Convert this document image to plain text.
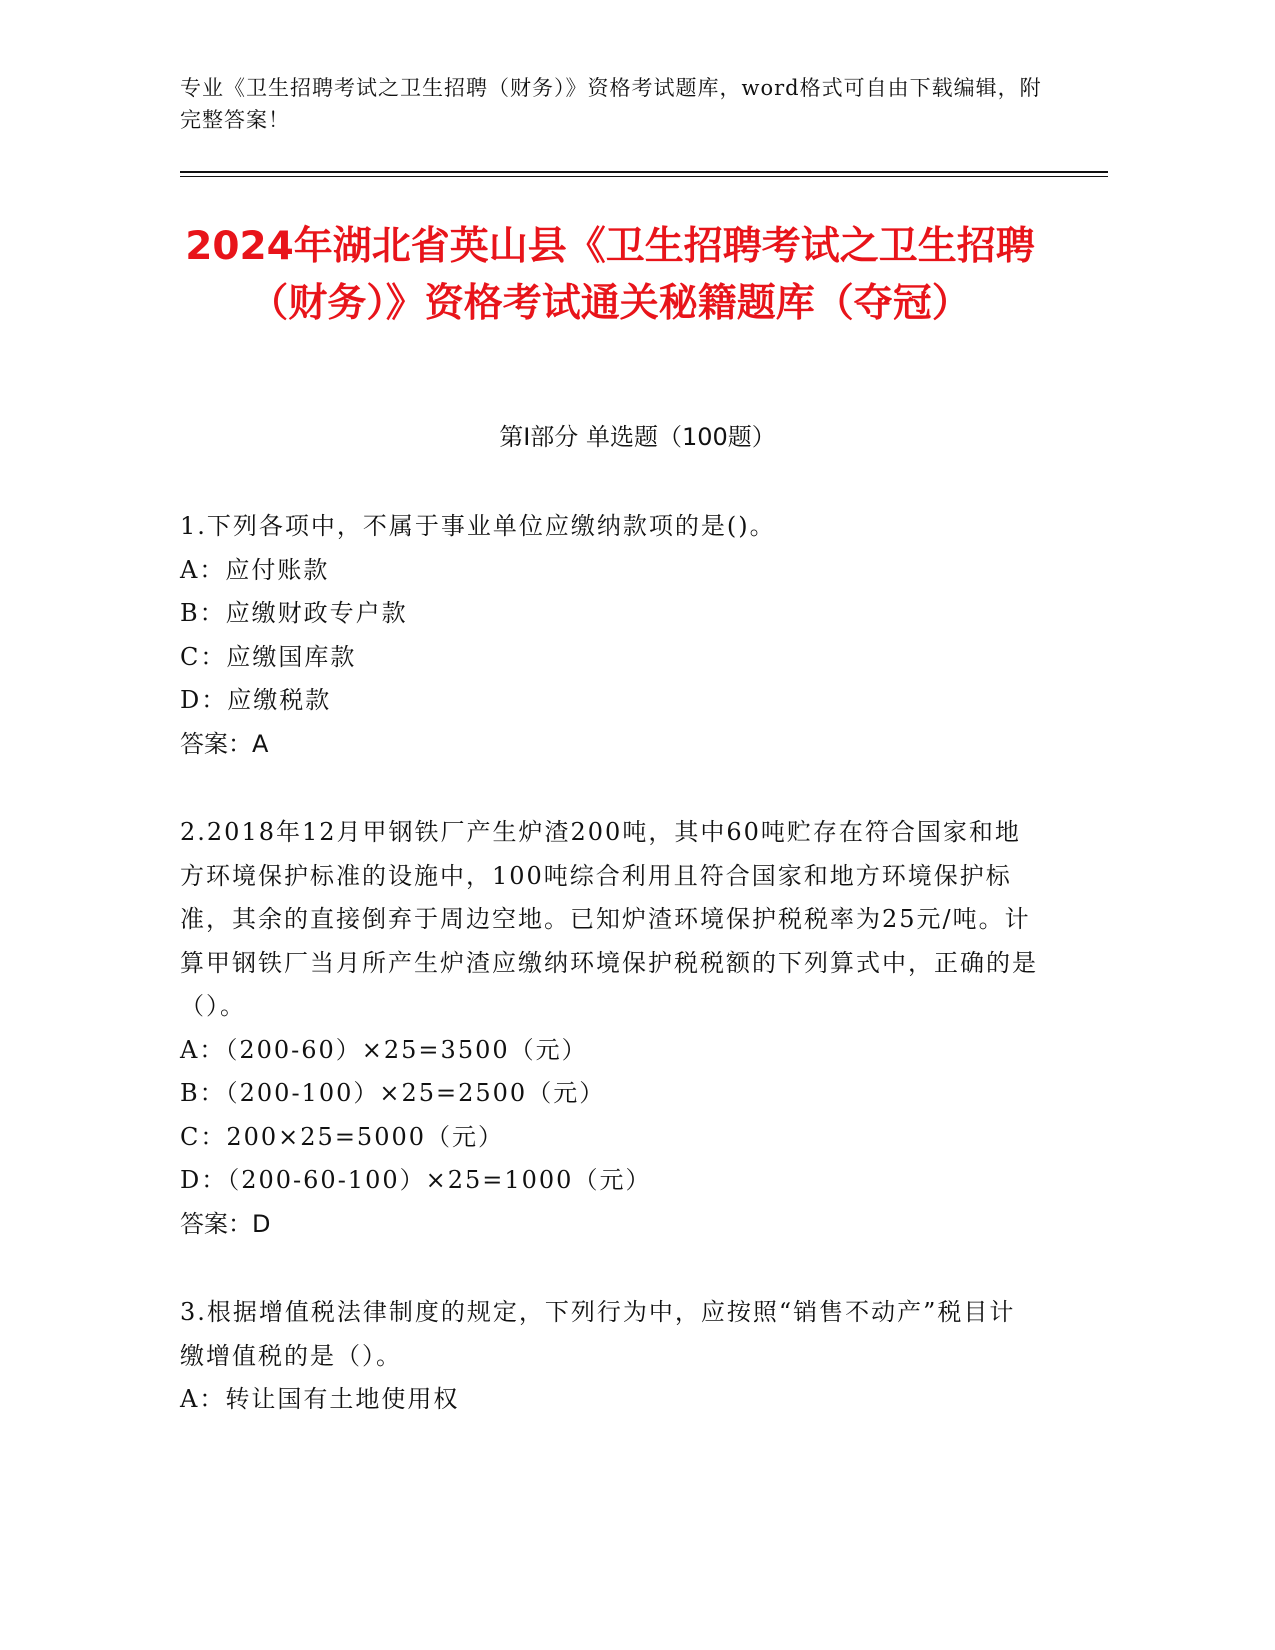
专业《卫生招聘考试之卫生招聘（财务）》资格考试题库，word格式可自由下载编辑，附完整答案！
2024年湖北省英山县《卫生招聘考试之卫生招聘（财务）》资格考试通关秘籍题库（夺冠）
第Ⅰ部分 单选题（100题）
1.下列各项中，不属于事业单位应缴纳款项的是()。
A：应付账款
B：应缴财政专户款
C：应缴国库款
D：应缴税款
答案：A
2.2018年12月甲钢铁厂产生炉渣200吨，其中60吨贮存在符合国家和地方环境保护标准的设施中，100吨综合利用且符合国家和地方环境保护标准，其余的直接倒弃于周边空地。已知炉渣环境保护税税率为25元/吨。计算甲钢铁厂当月所产生炉渣应缴纳环境保护税税额的下列算式中，正确的是（）。
A：（200-60）×25=3500（元）
B：（200-100）×25=2500（元）
C：200×25=5000（元）
D：（200-60-100）×25=1000（元）
答案：D
3.根据增值税法律制度的规定，下列行为中，应按照“销售不动产”税目计缴增值税的是（）。
A：转让国有土地使用权
